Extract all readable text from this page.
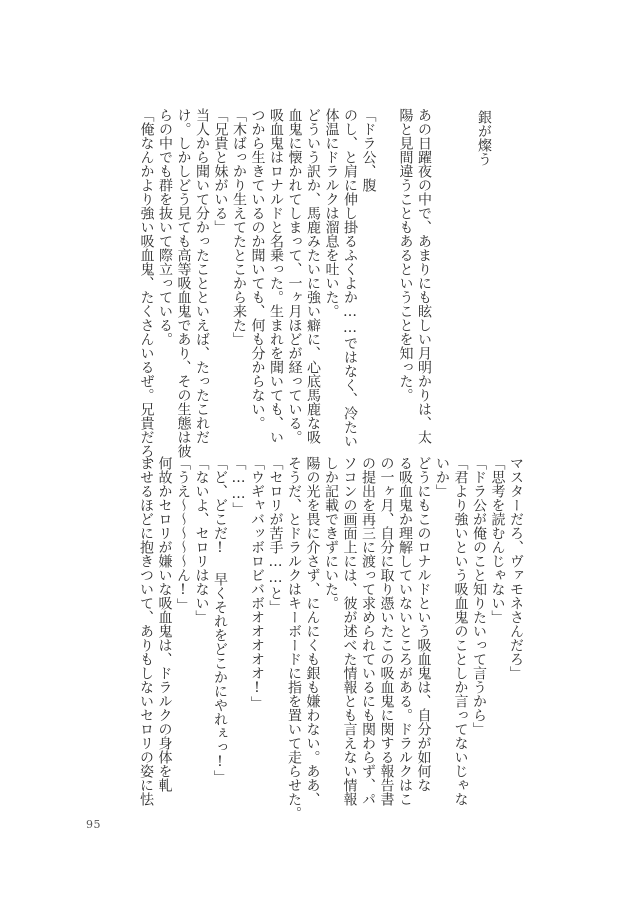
銀が燦う
あの日躍夜の中で、あまりにも眩しい月明かりは、太
陽と見間違うこともあるということを知った。

「ドラ公、腹
のし、と肩に伸し掛るふくよか……ではなく、冷たい
体温にドラルクは溜息を吐いた。
どういう訳か、馬鹿みたいに強い癖に、心底馬鹿な吸
血鬼に懐かれてしまって、一ヶ月ほどが経っている。
吸血鬼はロナルドと名乗った。生まれを聞いても、い
つから生きているのか聞いても、何も分からない。
「木ばっかり生えてたとこから来た」
「兄貴と妹がいる」
当人から聞いて分かったことといえば、たったこれだ
け。しかしどう見ても高等吸血鬼であり、その生態は彼
らの中でも群を抜いて際立っている。
「俺なんかより強い吸血鬼、たくさんいるぜ。兄貴だろ、
マスターだろ、ヴァモネさんだろ」
「思考を読むんじゃない」
「ドラ公が俺のこと知りたいって言うから」
「君より強いという吸血鬼のことしか言ってないじゃな
いか」
どうにもこのロナルドという吸血鬼は、自分が如何な
る吸血鬼か理解していないところがある。ドラルクはこ
の一ヶ月、自分に取り憑いたこの吸血鬼に関する報告書
の提出を再三に渡って求められているにも関わらず、パ
ソコンの画面上には、彼が述べた情報とも言えない情報
しか記載できずにいた。
陽の光を畏に介さず、にんにくも銀も嫌わない。ああ、
そうだ、とドラルクはキーボードに指を置いて走らせた。
「セロリが苦手……と」
「ウギャバッボロビバボオオオオオ!」
「……」
「ど、どこだ! 早くそれをどこかにやれぇっ!」
「ないよ、セロリはない」
「うえ〜〜〜〜〜ん!」
何故かセロリが嫌いな吸血鬼は、ドラルクの身体を軋
ませるほどに抱きついて、ありもしないセロリの姿に怯
95
